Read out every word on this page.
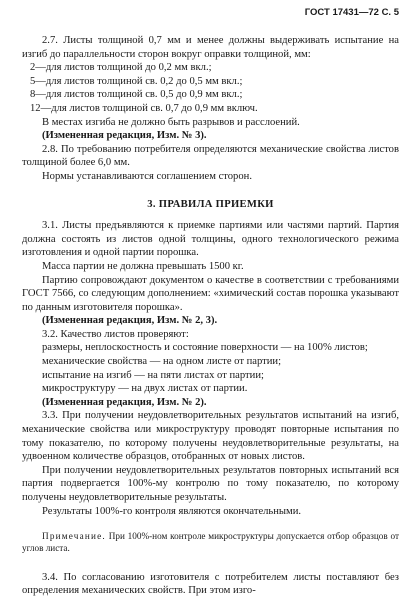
ГОСТ 17431—72 С. 5

2.7. Листы толщиной 0,7 мм и менее должны выдерживать испытание на изгиб до параллельности сторон вокруг оправки толщиной, мм:

2—для листов толщиной до 0,2 мм вкл.;

5—для листов толщиной св. 0,2 до 0,5 мм вкл.;

8—для листов толщиной св. 0,5 до 0,9 мм вкл.;

12—для листов толщиной св. 0,7 до 0,9 мм включ.

В местах изгиба не должно быть разрывов и расслоений.

(Измененная редакция, Изм. № 3).

2.8. По требованию потребителя определяются механические свойства листов толщиной более 6,0 мм.

Нормы устанавливаются соглашением сторон.

3. ПРАВИЛА ПРИЕМКИ

3.1. Листы предъявляются к приемке партиями или частями партий. Партия должна состоять из листов одной толщины, одного технологического режима изготовления и одной партии порошка.

Масса партии не должна превышать 1500 кг.

Партию сопровождают документом о качестве в соответствии с требованиями ГОСТ 7566, со следующим дополнением: «химический состав порошка указывают по данным изготовителя порошка».

(Измененная редакция, Изм. № 2, 3).

3.2. Качество листов проверяют:

размеры, неплоскостность и состояние поверхности — на 100% листов;

механические свойства — на одном листе от партии;

испытание на изгиб — на пяти листах от партии;

микроструктуру — на двух листах от партии.

(Измененная редакция, Изм. № 2).

3.3. При получении неудовлетворительных результатов испытаний на изгиб, механические свойства или микроструктуру проводят повторные испытания по тому показателю, по которому получены неудовлетворительные результаты, на удвоенном количестве образцов, отобранных от новых листов.

При получении неудовлетворительных результатов повторных испытаний вся партия подвергается 100%-му контролю по тому показателю, по которому получены неудовлетворительные результаты.

Результаты 100%-го контроля являются окончательными.

Примечание. При 100%-ном контроле микроструктуры допускается отбор образцов от углов листа.

3.4. По согласованию изготовителя с потребителем листы поставляют без определения механических свойств. При этом изго-
